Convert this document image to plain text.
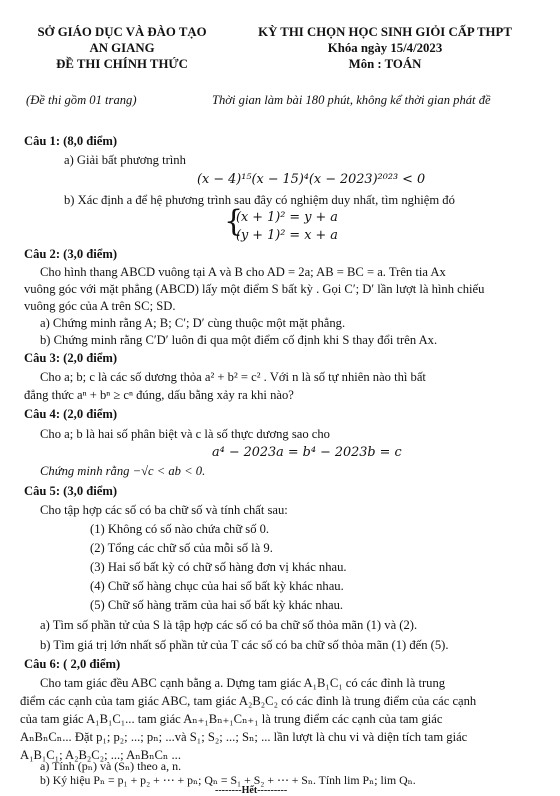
SỞ GIÁO DỤC VÀ ĐÀO TẠO
AN GIANG
ĐỀ THI CHÍNH THỨC
KỲ THI CHỌN HỌC SINH GIỎI CẤP THPT
Khóa ngày 15/4/2023
Môn : TOÁN
(Đề thi gồm 01 trang)	Thời gian làm bài 180 phút, không kể thời gian phát đề
Câu 1: (8,0 điểm)
a) Giải bất phương trình
(x − 4)¹⁵(x − 15)⁴(x − 2023)²⁰²³ < 0
b) Xác định a để hệ phương trình sau đây có nghiệm duy nhất, tìm nghiệm đó
{
(x + 1)² = y + a
(y + 1)² = x + a
Câu 2: (3,0 điểm)
Cho hình thang ABCD vuông tại A và B cho AD = 2a; AB = BC = a. Trên tia Ax
vuông góc với mặt phẳng (ABCD) lấy một điểm S bất kỳ . Gọi C′; D′ lần lượt là hình chiếu
vuông góc của A trên SC; SD.
a) Chứng minh rằng A; B; C′; D′ cùng thuộc một mặt phẳng.
b) Chứng minh rằng C′D′ luôn đi qua một điểm cố định khi S thay đổi trên Ax.
Câu 3: (2,0 điểm)
Cho a; b; c là các số dương thỏa a² + b² = c² . Với n là số tự nhiên nào thì bất
đẳng thức aⁿ + bⁿ ≥ cⁿ đúng, dấu bằng xảy ra khi nào?
Câu 4: (2,0 điểm)
Cho a; b là hai số phân biệt và c là số thực dương sao cho
a⁴ − 2023a = b⁴ − 2023b = c
Chứng minh rằng −√c < ab < 0.
Câu 5: (3,0 điểm)
Cho tập hợp các số có ba chữ số và tính chất sau:
(1) Không có số nào chứa chữ số 0.
(2) Tổng các chữ số của mỗi số là 9.
(3) Hai số bất kỳ có chữ số hàng đơn vị khác nhau.
(4) Chữ số hàng chục của hai số bất kỳ khác nhau.
(5) Chữ số hàng trăm của hai số bất kỳ khác nhau.
a) Tìm số phần tử của S là tập hợp các số có ba chữ số thỏa mãn (1) và (2).
b) Tìm giá trị lớn nhất số phần tử của T các số có ba chữ số thỏa mãn (1) đến (5).
Câu 6: ( 2,0 điểm)
Cho tam giác đều ABC cạnh bằng a. Dựng tam giác A₁B₁C₁ có các đỉnh là trung
điểm các cạnh của tam giác ABC, tam giác A₂B₂C₂ có các đỉnh là trung điểm của các cạnh
của tam giác A₁B₁C₁... tam giác Aₙ₊₁Bₙ₊₁Cₙ₊₁ là trung điểm các cạnh của tam giác
AₙBₙCₙ... Đặt p₁; p₂; ...; pₙ; ...và S₁; S₂; ...; Sₙ; ... lần lượt là chu vi và diện tích tam giác
A₁B₁C₁; A₂B₂C₂; ...; AₙBₙCₙ ...
a) Tính (pₙ) và (Sₙ) theo a, n.
b) Ký hiệu Pₙ = p₁ + p₂ + ⋯ + pₙ; Qₙ = S₁ + S₂ + ⋯ + Sₙ. Tính lim Pₙ; lim Qₙ.
--------Hết---------
